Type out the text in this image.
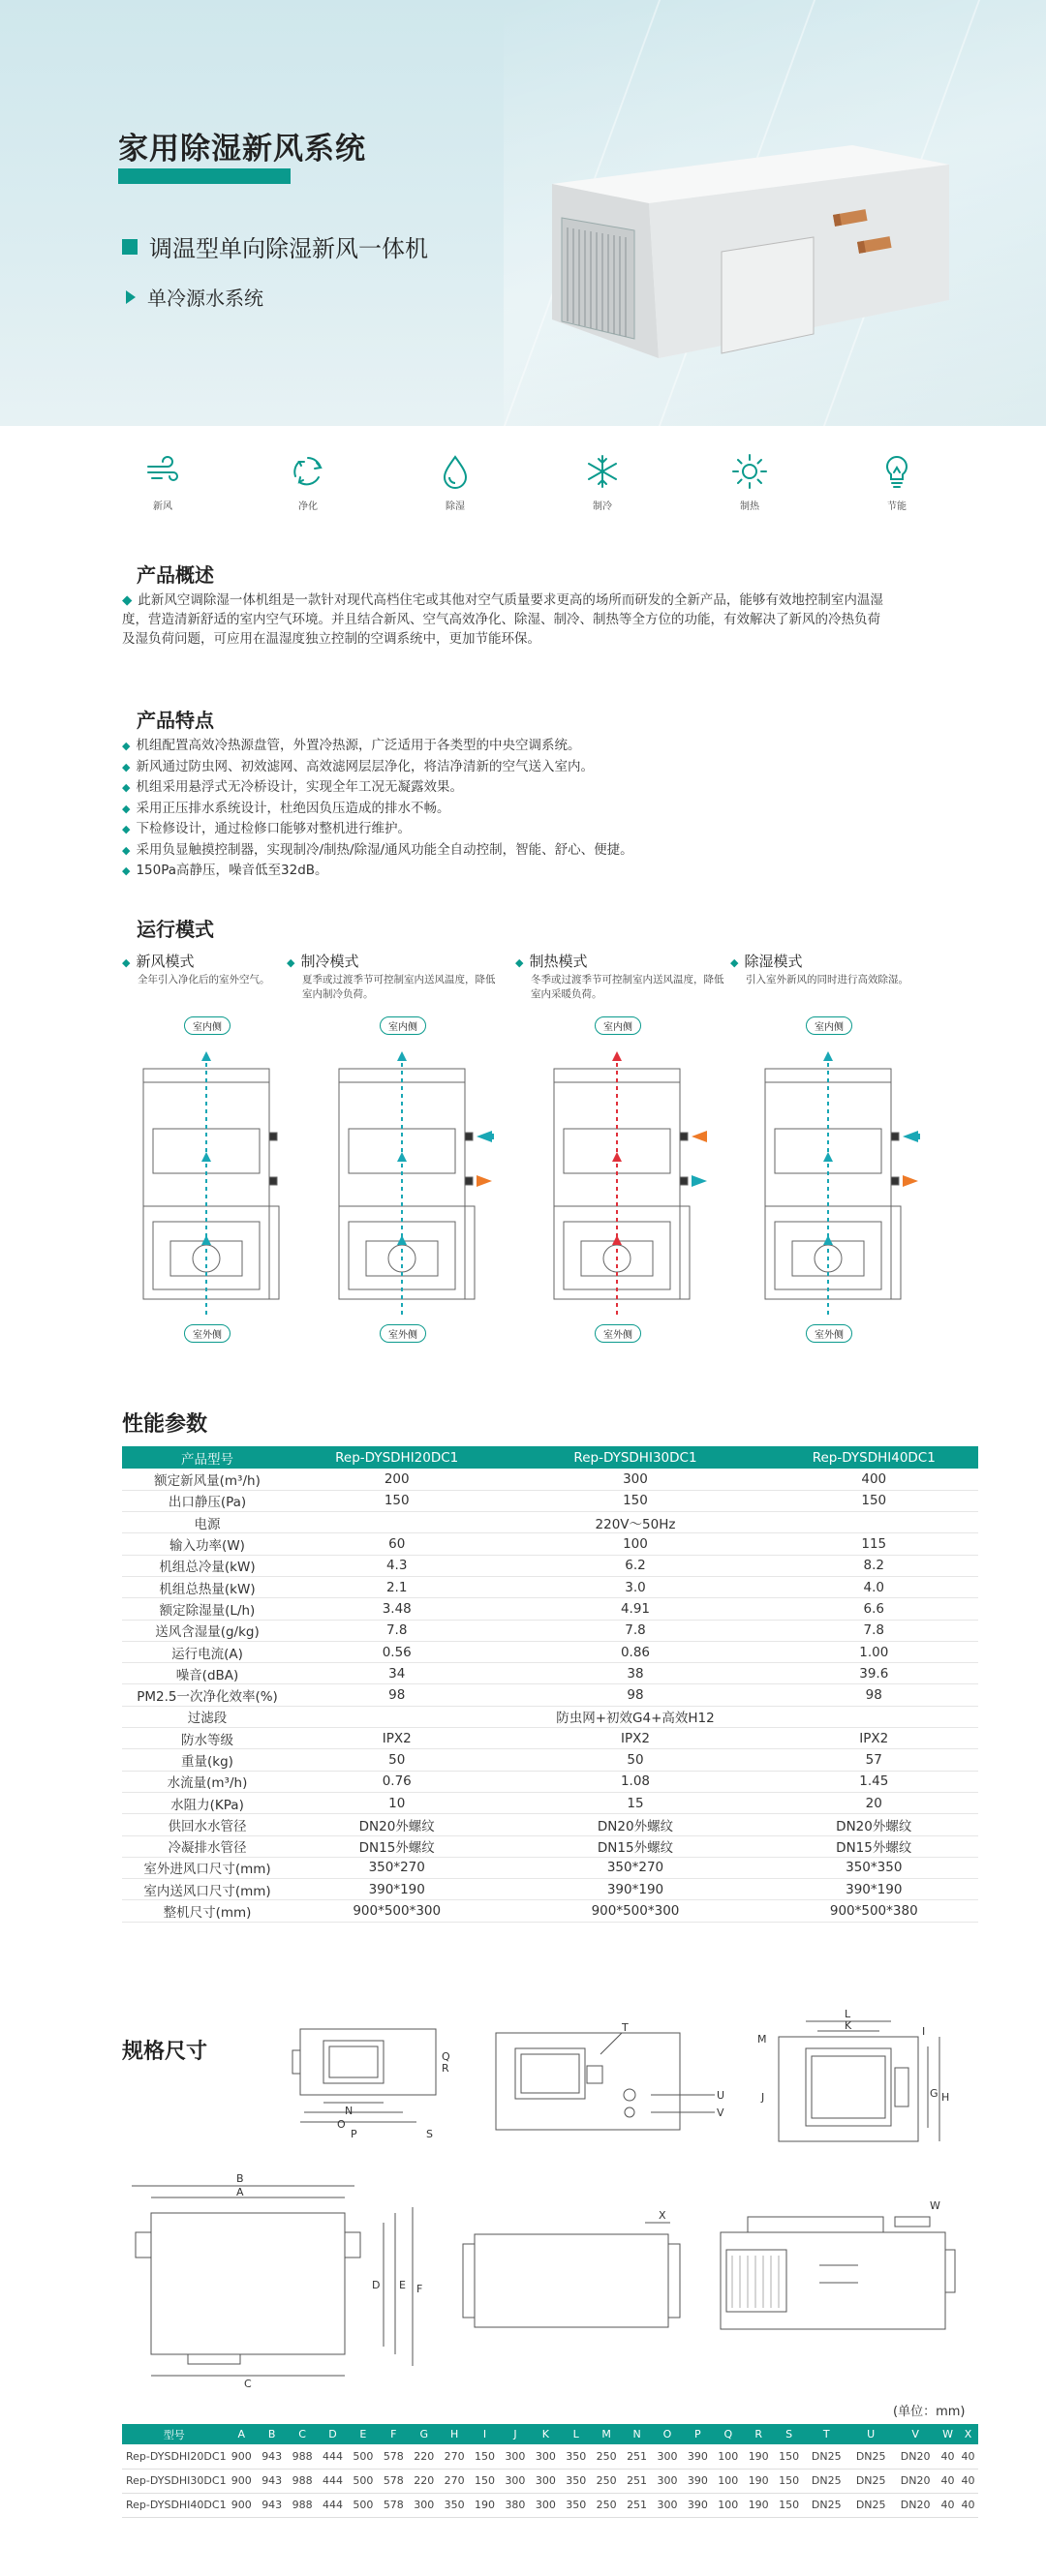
家用除湿新风系统
调温型单向除湿新风一体机
单冷源水系统
新风	净化	除湿	制冷	制热	节能
产品概述
◆ 此新风空调除湿一体机组是一款针对现代高档住宅或其他对空气质量要求更高的场所而研发的全新产品，能够有效地控制室内温湿度，营造清新舒适的室内空气环境。并且结合新风、空气高效净化、除湿、制冷、制热等全方位的功能，有效解决了新风的冷热负荷及湿负荷问题，可应用在温湿度独立控制的空调系统中，更加节能环保。
产品特点
◆ 机组配置高效冷热源盘管，外置冷热源，广泛适用于各类型的中央空调系统。
◆ 新风通过防虫网、初效滤网、高效滤网层层净化，将洁净清新的空气送入室内。
◆ 机组采用悬浮式无冷桥设计，实现全年工况无凝露效果。
◆ 采用正压排水系统设计，杜绝因负压造成的排水不畅。
◆ 下检修设计，通过检修口能够对整机进行维护。
◆ 采用负显触摸控制器，实现制冷/制热/除湿/通风功能全自动控制，智能、舒心、便捷。
◆ 150Pa高静压，噪音低至32dB。
运行模式
◆ 新风模式
全年引入净化后的室外空气。
◆ 制冷模式
夏季或过渡季节可控制室内送风温度，降低室内制冷负荷。
◆ 制热模式
冬季或过渡季节可控制室内送风温度，降低室内采暖负荷。
◆ 除湿模式
引入室外新风的同时进行高效除湿。
室内侧
室外侧
室内侧
室外侧
室内侧
室外侧
室内侧
室外侧
性能参数
产品型号	Rep-DYSDHI20DC1	Rep-DYSDHI30DC1	Rep-DYSDHI40DC1
额定新风量(m³/h)	200	300	400
出口静压(Pa)	150	150	150
电源		220V～50Hz	
输入功率(W)	60	100	115
机组总冷量(kW)	4.3	6.2	8.2
机组总热量(kW)	2.1	3.0	4.0
额定除湿量(L/h)	3.48	4.91	6.6
送风含湿量(g/kg)	7.8	7.8	7.8
运行电流(A)	0.56	0.86	1.00
噪音(dBA)	34	38	39.6
PM2.5一次净化效率(%)	98	98	98
过滤段		防虫网+初效G4+高效H12	
防水等级	IPX2	IPX2	IPX2
重量(kg)	50	50	57
水流量(m³/h)	0.76	1.08	1.45
水阻力(KPa)	10	15	20
供回水水管径	DN20外螺纹	DN20外螺纹	DN20外螺纹
冷凝排水管径	DN15外螺纹	DN15外螺纹	DN15外螺纹
室外进风口尺寸(mm)	350*270	350*270	350*350
室内送风口尺寸(mm)	390*190	390*190	390*190
整机尺寸(mm)	900*500*300	900*500*300	900*500*380
规格尺寸
N
S
O
P
Q
R
T
U
V
L
K
M
I
J	G H
B
A
C
D E F
X
W
(单位：mm)
型号	A	B	C	D	E	F	G	H	I	J	K	L	M	N	O	P	Q	R	S	T	U	V	W	X
Rep-DYSDHI20DC1	900	943	988	444	500	578	220	270	150	300	300	350	250	251	300	390	100	190	150	DN25	DN25	DN20	40	40
Rep-DYSDHI30DC1	900	943	988	444	500	578	220	270	150	300	300	350	250	251	300	390	100	190	150	DN25	DN25	DN20	40	40
Rep-DYSDHI40DC1	900	943	988	444	500	578	300	350	190	380	300	350	250	251	300	390	100	190	150	DN25	DN25	DN20	40	40
